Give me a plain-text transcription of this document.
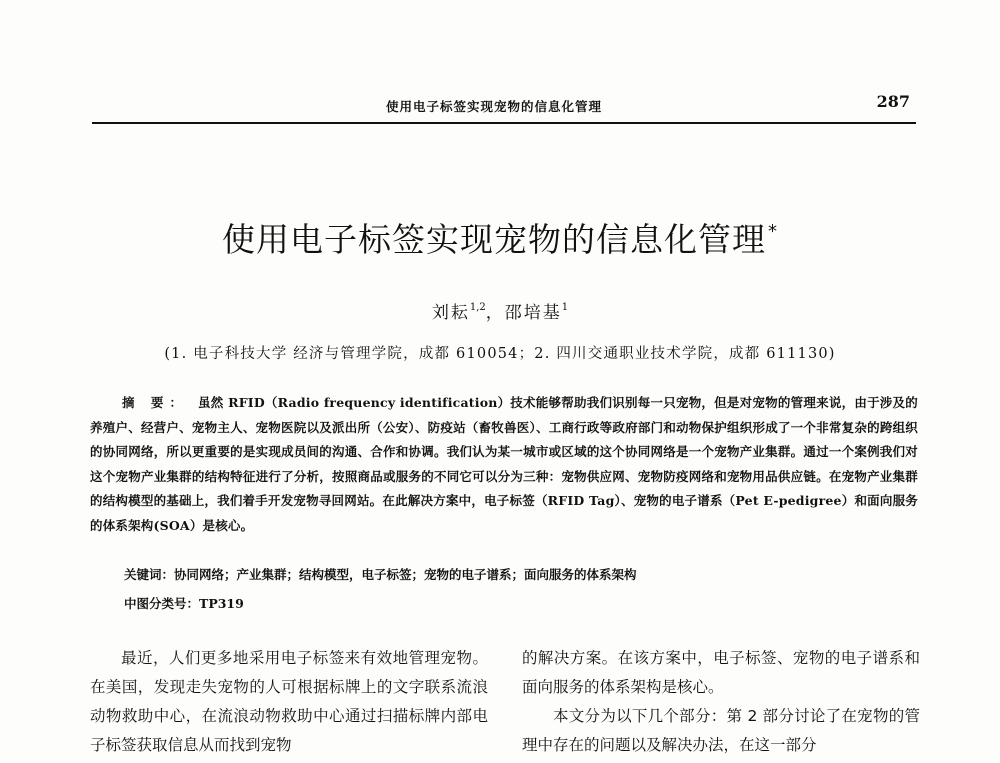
使用电子标签实现宠物的信息化管理	287
使用电子标签实现宠物的信息化管理 *
刘耘$^{1,2}$，邵培基$^1$
(1. 电子科技大学 经济与管理学院，成都 610054；2. 四川交通职业技术学院，成都 611130)
摘 要： 虽然 RFID（Radio frequency identification）技术能够帮助我们识别每一只宠物，但是对宠物的管理来说，由于涉及的养殖户、经营户、宠物主人、宠物医院以及派出所（公安）、防疫站（畜牧兽医）、工商行政等政府部门和动物保护组织形成了一个非常复杂的跨组织的协同网络，所以更重要的是实现成员间的沟通、合作和协调。我们认为某一城市或区域的这个协同网络是一个宠物产业集群。通过一个案例我们对这个宠物产业集群的结构特征进行了分析，按照商品或服务的不同它可以分为三种：宠物供应网、宠物防疫网络和宠物用品供应链。在宠物产业集群的结构模型的基础上，我们着手开发宠物寻回网站。在此解决方案中，电子标签（RFID Tag）、宠物的电子谱系（Pet E-pedigree）和面向服务的体系架构(SOA）是核心。
关键词：协同网络；产业集群；结构模型，电子标签；宠物的电子谱系；面向服务的体系架构
中图分类号：TP319

最近，人们更多地采用电子标签来有效地管理宠物。在美国，发现走失宠物的人可根据标牌上的文字联系流浪动物救助中心，在流浪动物救助中心通过扫描标牌内部电子标签获取信息从而找到宠物

的解决方案。在该方案中，电子标签、宠物的电子谱系和面向服务的体系架构是核心。

本文分为以下几个部分：第 2 部分讨论了在宠物的管理中存在的问题以及解决办法，在这一部分
